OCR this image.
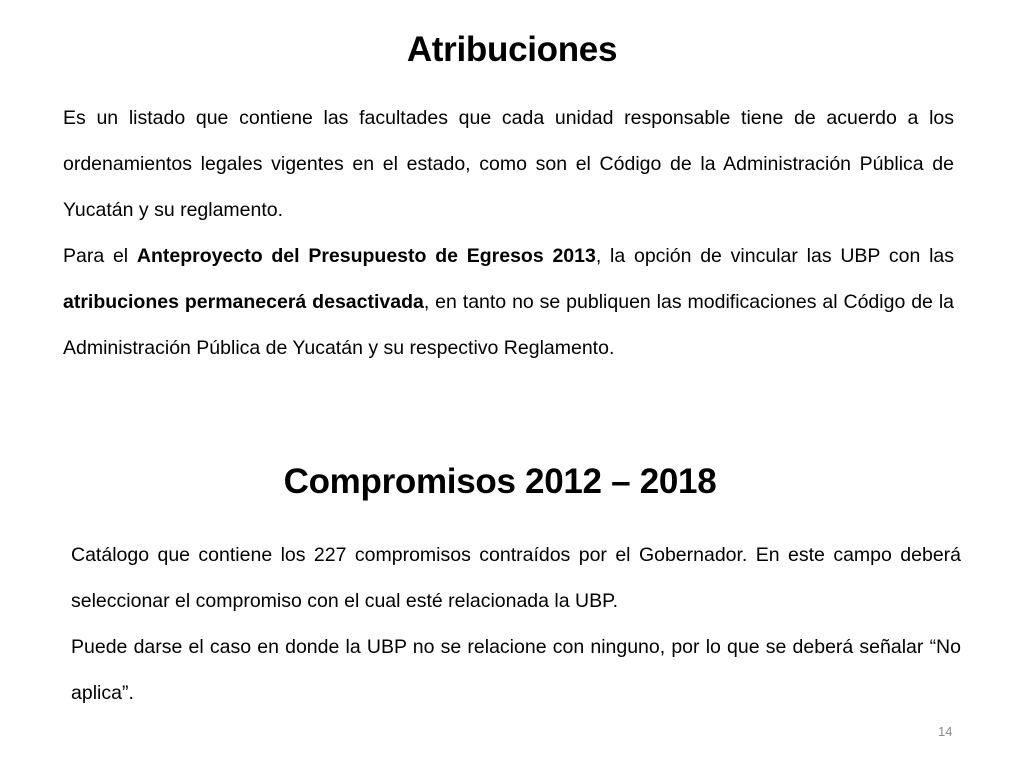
Atribuciones

Es un listado que contiene las facultades que cada unidad responsable tiene de acuerdo a los ordenamientos legales vigentes en el estado, como son el Código de la Administración Pública de Yucatán y su reglamento.

Para el Anteproyecto del Presupuesto de Egresos 2013, la opción de vincular las UBP con las atribuciones permanecerá desactivada, en tanto no se publiquen las modificaciones al Código de la Administración Pública de Yucatán y su respectivo Reglamento.

Compromisos 2012 – 2018

Catálogo que contiene los 227 compromisos contraídos por el Gobernador. En este campo deberá seleccionar el compromiso con el cual esté relacionada la UBP.

Puede darse el caso en donde la UBP no se relacione con ninguno, por lo que se deberá señalar “No aplica”.

14
